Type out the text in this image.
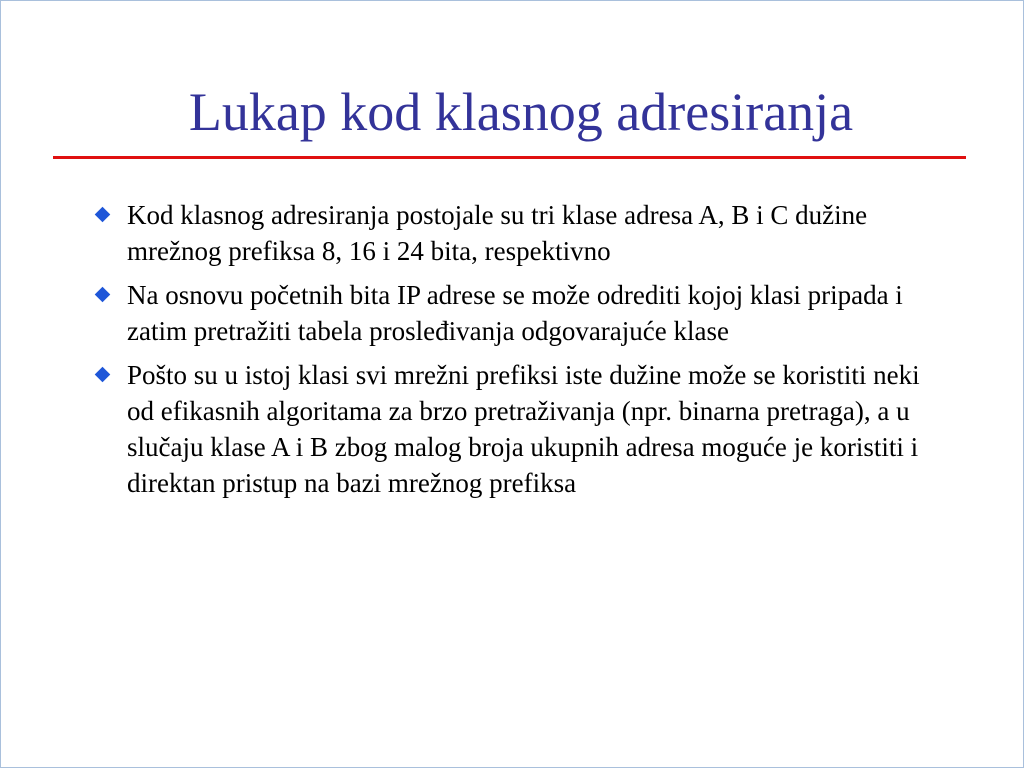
Lukap kod klasnog adresiranja
Kod klasnog adresiranja postojale su tri klase adresa A, B i C dužine mrežnog prefiksa 8, 16 i 24 bita, respektivno
Na osnovu početnih bita IP adrese se može odrediti kojoj klasi pripada i zatim pretražiti tabela prosleđivanja odgovarajuće klase
Pošto su u istoj klasi svi mrežni prefiksi iste dužine može se koristiti neki od efikasnih algoritama za brzo pretraživanja (npr. binarna pretraga), a u slučaju klase A i B zbog malog broja ukupnih adresa moguće je koristiti i direktan pristup na bazi mrežnog prefiksa
